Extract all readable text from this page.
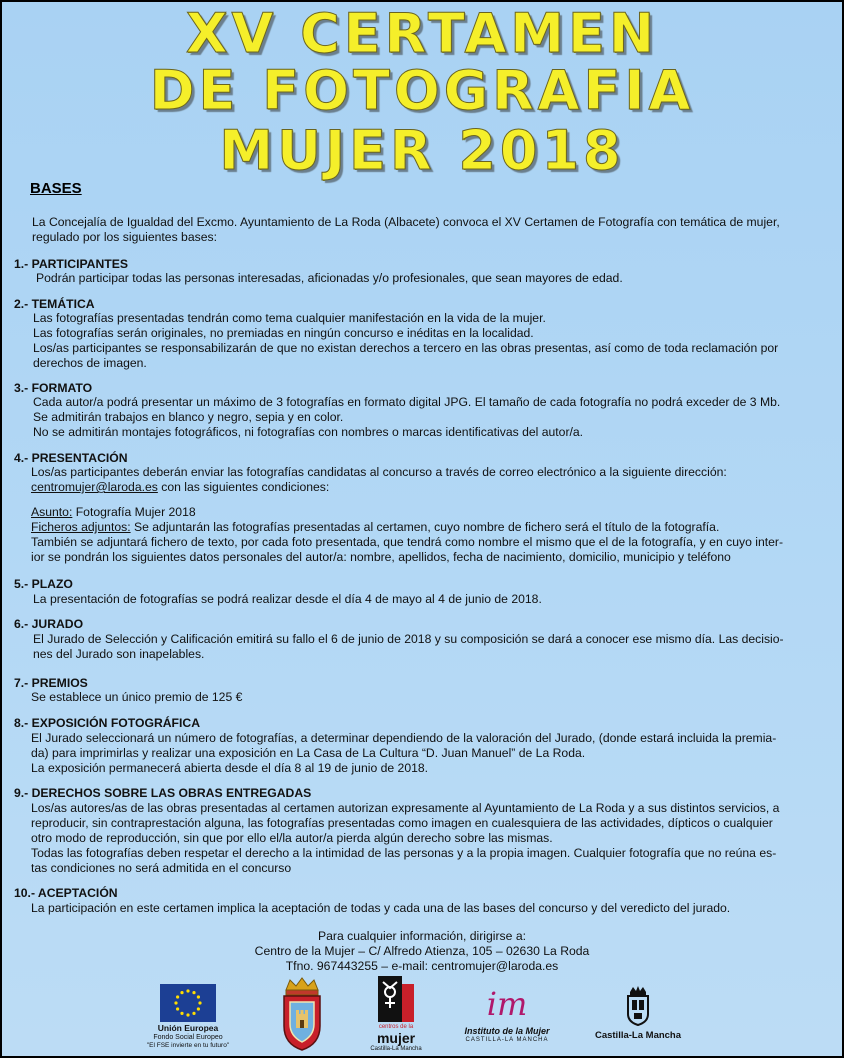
XV CERTAMEN
DE FOTOGRAFIA
MUJER 2018
BASES
La Concejalía de Igualdad del Excmo. Ayuntamiento de La Roda (Albacete) convoca el XV Certamen de Fotografía con temática de mujer,
regulado por los siguientes bases:
1.- PARTICIPANTES
Podrán participar todas las personas interesadas, aficionadas y/o profesionales, que sean mayores de edad.
2.- TEMÁTICA
Las fotografías presentadas tendrán como tema cualquier manifestación en la vida de la mujer.
Las fotografías serán originales, no premiadas en ningún concurso e inéditas en la localidad.
Los/as participantes se responsabilizarán de que no existan derechos a tercero en las obras presentas, así como de toda reclamación por
derechos de imagen.
3.- FORMATO
Cada autor/a podrá presentar un máximo de 3 fotografías en formato digital JPG. El tamaño de cada fotografía no podrá exceder de 3 Mb.
Se admitirán trabajos en blanco y negro, sepia y en color.
No se admitirán montajes fotográficos, ni fotografías con nombres o marcas identificativas del autor/a.
4.- PRESENTACIÓN
Los/as participantes deberán enviar las fotografías candidatas al concurso a través de correo electrónico a la siguiente dirección:
centromujer@laroda.es con las siguientes condiciones:
Asunto: Fotografía Mujer 2018
Ficheros adjuntos: Se adjuntarán las fotografías presentadas al certamen, cuyo nombre de fichero será el título de la fotografía.
También se adjuntará fichero de texto, por cada foto presentada, que tendrá como nombre el mismo que el de la fotografía, y en cuyo inter-
ior se pondrán los siguientes datos personales del autor/a: nombre, apellidos, fecha de nacimiento, domicilio, municipio y teléfono
5.- PLAZO
La presentación de fotografías se podrá realizar desde el día 4 de mayo al 4 de junio de 2018.
6.- JURADO
El Jurado de Selección y Calificación emitirá su fallo el 6 de junio de 2018 y su composición se dará a conocer ese mismo día. Las decisio-
nes del Jurado son inapelables.
7.- PREMIOS
Se establece un único premio de 125 €
8.- EXPOSICIÓN FOTOGRÁFICA
El Jurado seleccionará un número de fotografías, a determinar dependiendo de la valoración del Jurado, (donde estará incluida la premia-
da) para imprimirlas y realizar una exposición en La Casa de La Cultura “D. Juan Manuel” de La Roda.
La exposición permanecerá abierta desde el día 8 al 19 de junio de 2018.
9.- DERECHOS SOBRE LAS OBRAS ENTREGADAS
Los/as autores/as de las obras presentadas al certamen autorizan expresamente al Ayuntamiento de La Roda y a sus distintos servicios, a
reproducir, sin contraprestación alguna, las fotografías presentadas como imagen en cualesquiera de las actividades, dípticos o cualquier
otro modo de reproducción, sin que por ello el/la autor/a pierda algún derecho sobre las mismas.
Todas las fotografías deben respetar el derecho a la intimidad de las personas y a la propia imagen. Cualquier fotografía que no reúna es-
tas condiciones no será admitida en el concurso
10.- ACEPTACIÓN
La participación en este certamen implica la aceptación de todas y cada una de las bases del concurso y del veredicto del jurado.
Para cualquier información, dirigirse a:
Centro de la Mujer – C/ Alfredo Atienza, 105 – 02630 La Roda
Tfno. 967443255 – e-mail: centromujer@laroda.es
Unión Europea
Fondo Social Europeo
"El FSE invierte en tu futuro"
centros de la
mujer
Castilla-La Mancha
im
Instituto de la Mujer
CASTILLA-LA MANCHA	Castilla-La Mancha
